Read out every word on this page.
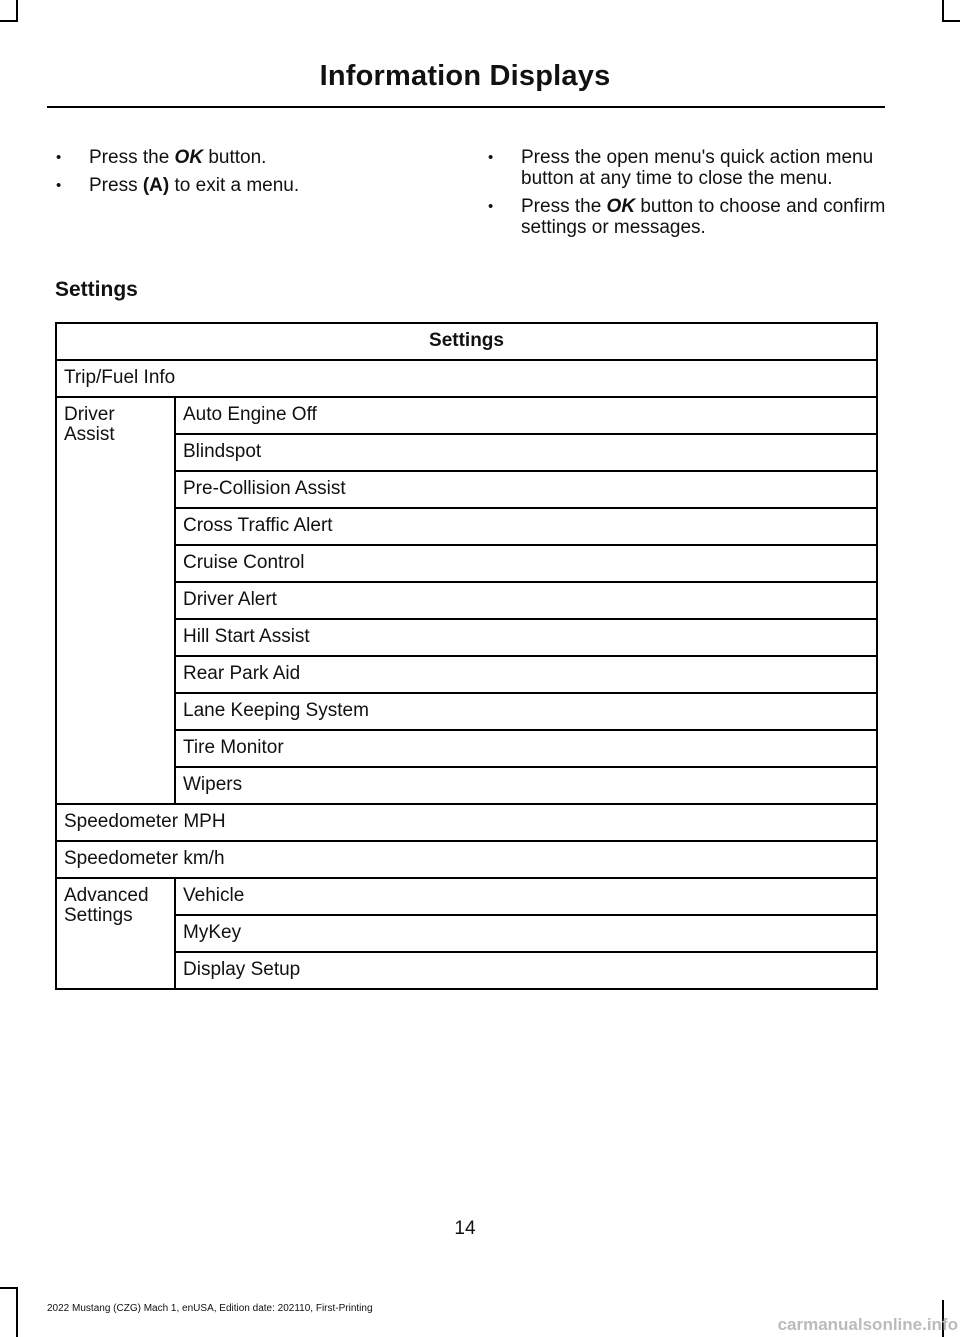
Information Displays
•	Press the OK button.
•	Press (A) to exit a menu.
•	Press the open menu's quick action menu button at any time to close the menu.
•	Press the OK button to choose and confirm settings or messages.
Settings
Settings	
Trip/Fuel Info	
Driver Assist	Auto Engine Off
	Blindspot
	Pre-Collision Assist
	Cross Traffic Alert
	Cruise Control
	Driver Alert
	Hill Start Assist
	Rear Park Aid
	Lane Keeping System
	Tire Monitor
	Wipers
Speedometer MPH	
Speedometer km/h	
Advanced Settings	Vehicle
	MyKey
	Display Setup
14
2022 Mustang (CZG) Mach 1, enUSA, Edition date: 202110, First-Printing
carmanualsonline.info
